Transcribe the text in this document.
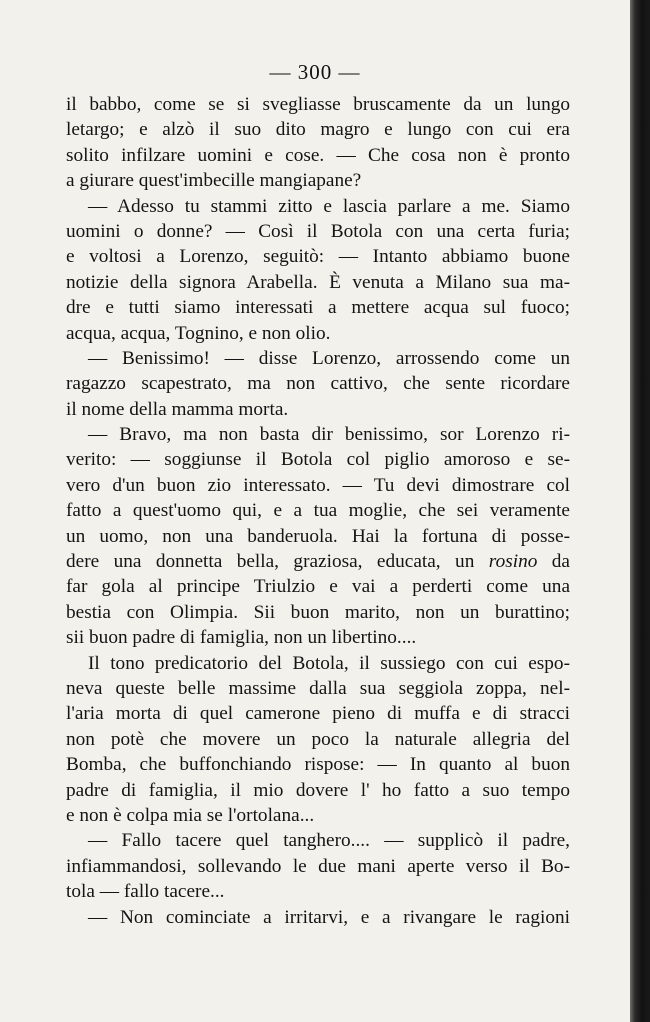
— 300 —
il babbo, come se si svegliasse bruscamente da un lungo
letargo; e alzò il suo dito magro e lungo con cui era
solito infilzare uomini e cose. — Che cosa non è pronto
a giurare quest'imbecille mangiapane?
— Adesso tu stammi zitto e lascia parlare a me. Siamo
uomini o donne? — Così il Botola con una certa furia;
e voltosi a Lorenzo, seguitò: — Intanto abbiamo buone
notizie della signora Arabella. È venuta a Milano sua ma-
dre e tutti siamo interessati a mettere acqua sul fuoco;
acqua, acqua, Tognino, e non olio.
— Benissimo! — disse Lorenzo, arrossendo come un
ragazzo scapestrato, ma non cattivo, che sente ricordare
il nome della mamma morta.
— Bravo, ma non basta dir benissimo, sor Lorenzo ri-
verito: — soggiunse il Botola col piglio amoroso e se-
vero d'un buon zio interessato. — Tu devi dimostrare col
fatto a quest'uomo qui, e a tua moglie, che sei veramente
un uomo, non una banderuola. Hai la fortuna di posse-
dere una donnetta bella, graziosa, educata, un rosino da
far gola al principe Triulzio e vai a perderti come una
bestia con Olimpia. Sii buon marito, non un burattino;
sii buon padre di famiglia, non un libertino....
Il tono predicatorio del Botola, il sussiego con cui espo-
neva queste belle massime dalla sua seggiola zoppa, nel-
l'aria morta di quel camerone pieno di muffa e di stracci
non potè che movere un poco la naturale allegria del
Bomba, che buffonchiando rispose: — In quanto al buon
padre di famiglia, il mio dovere l' ho fatto a suo tempo
e non è colpa mia se l'ortolana...
— Fallo tacere quel tanghero.... — supplicò il padre,
infiammandosi, sollevando le due mani aperte verso il Bo-
tola — fallo tacere...
— Non cominciate a irritarvi, e a rivangare le ragioni
